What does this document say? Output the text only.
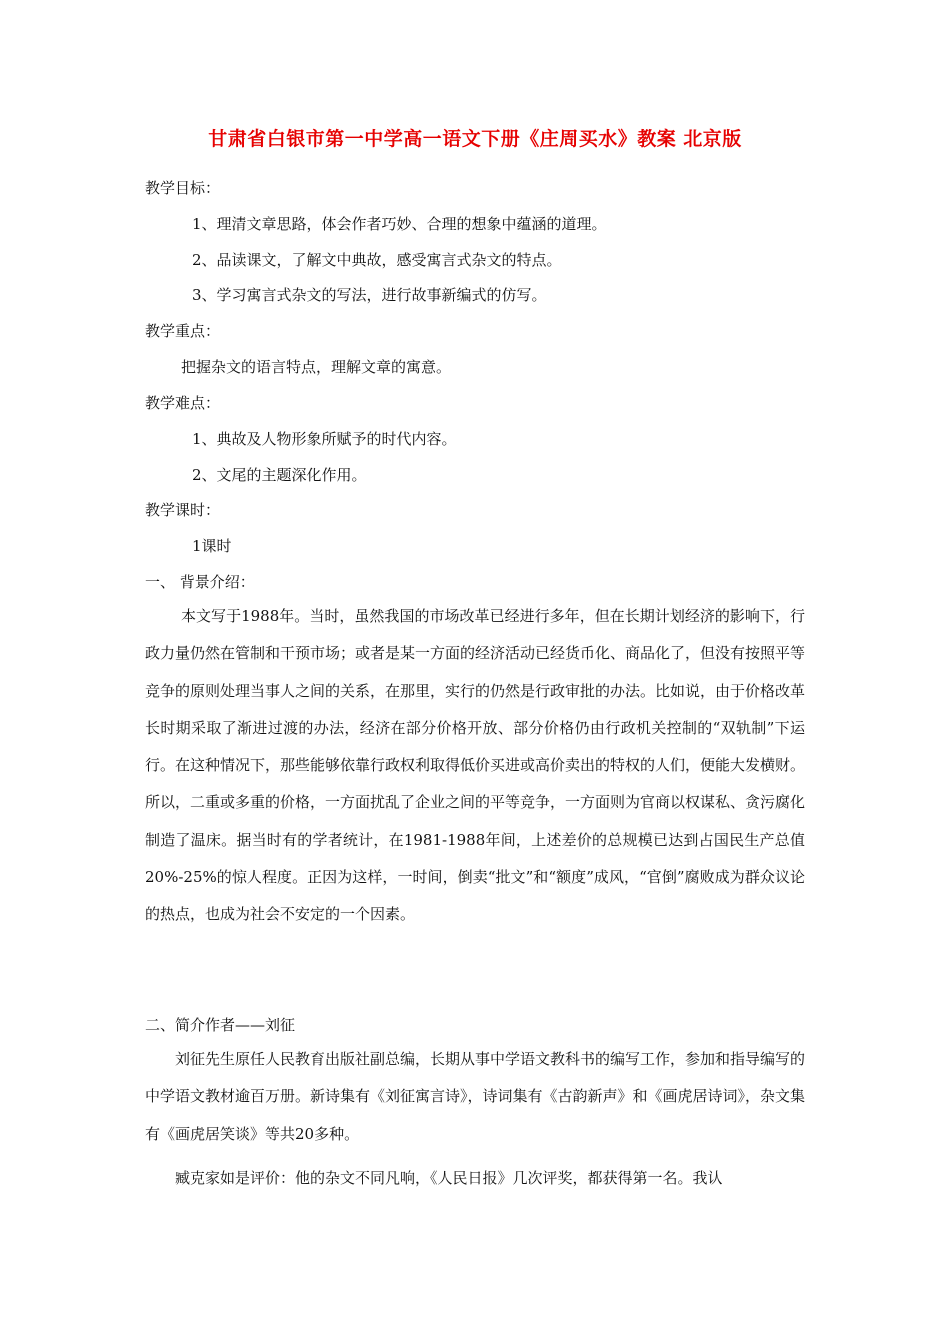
甘肃省白银市第一中学高一语文下册《庄周买水》教案 北京版
教学目标：
1、理清文章思路，体会作者巧妙、合理的想象中蕴涵的道理。
2、品读课文，了解文中典故，感受寓言式杂文的特点。
3、学习寓言式杂文的写法，进行故事新编式的仿写。
教学重点：
把握杂文的语言特点，理解文章的寓意。
教学难点：
1、典故及人物形象所赋予的时代内容。
2、文尾的主题深化作用。
教学课时：
1课时
一、 背景介绍：
本文写于1988年。当时，虽然我国的市场改革已经进行多年，但在长期计划经济的影响下，行政力量仍然在管制和干预市场；或者是某一方面的经济活动已经货币化、商品化了，但没有按照平等竞争的原则处理当事人之间的关系，在那里，实行的仍然是行政审批的办法。比如说，由于价格改革长时期采取了渐进过渡的办法，经济在部分价格开放、部分价格仍由行政机关控制的“双轨制”下运行。在这种情况下，那些能够依靠行政权利取得低价买进或高价卖出的特权的人们，便能大发横财。所以，二重或多重的价格，一方面扰乱了企业之间的平等竞争，一方面则为官商以权谋私、贪污腐化制造了温床。据当时有的学者统计，在1981-1988年间，上述差价的总规模已达到占国民生产总值20%-25%的惊人程度。正因为这样，一时间，倒卖“批文”和“额度”成风，“官倒”腐败成为群众议论的热点，也成为社会不安定的一个因素。
二、简介作者——刘征
刘征先生原任人民教育出版社副总编，长期从事中学语文教科书的编写工作，参加和指导编写的中学语文教材逾百万册。新诗集有《刘征寓言诗》，诗词集有《古韵新声》和《画虎居诗词》，杂文集有《画虎居笑谈》等共20多种。
臧克家如是评价：他的杂文不同凡响，《人民日报》几次评奖，都获得第一名。我认
